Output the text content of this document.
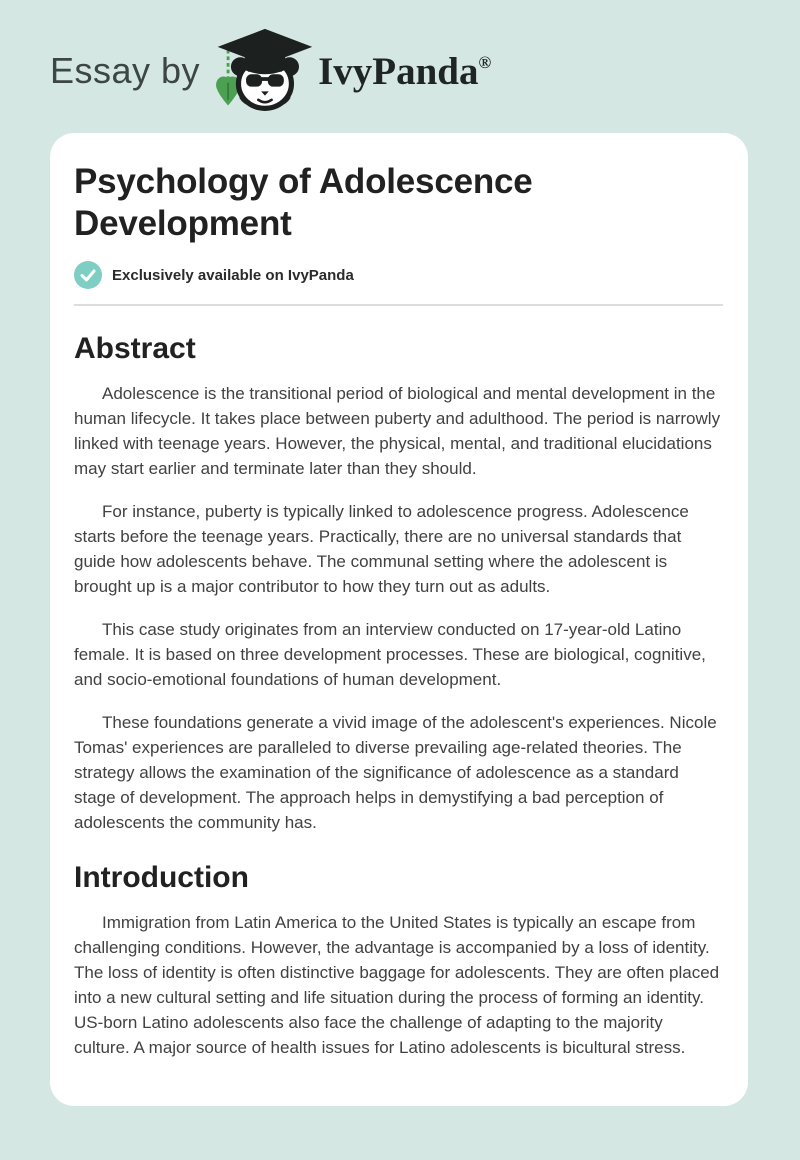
Essay by	IvyPanda®
Psychology of Adolescence Development
Exclusively available on IvyPanda
Abstract

Adolescence is the transitional period of biological and mental development in the human lifecycle. It takes place between puberty and adulthood. The period is narrowly linked with teenage years. However, the physical, mental, and traditional elucidations may start earlier and terminate later than they should.

For instance, puberty is typically linked to adolescence progress. Adolescence starts before the teenage years. Practically, there are no universal standards that guide how adolescents behave. The communal setting where the adolescent is brought up is a major contributor to how they turn out as adults.

This case study originates from an interview conducted on 17-year-old Latino female. It is based on three development processes. These are biological, cognitive, and socio-emotional foundations of human development.

These foundations generate a vivid image of the adolescent's experiences. Nicole Tomas' experiences are paralleled to diverse prevailing age-related theories. The strategy allows the examination of the significance of adolescence as a standard stage of development. The approach helps in demystifying a bad perception of adolescents the community has.

Introduction

Immigration from Latin America to the United States is typically an escape from challenging conditions. However, the advantage is accompanied by a loss of identity. The loss of identity is often distinctive baggage for adolescents. They are often placed into a new cultural setting and life situation during the process of forming an identity. US-born Latino adolescents also face the challenge of adapting to the majority culture. A major source of health issues for Latino adolescents is bicultural stress.
